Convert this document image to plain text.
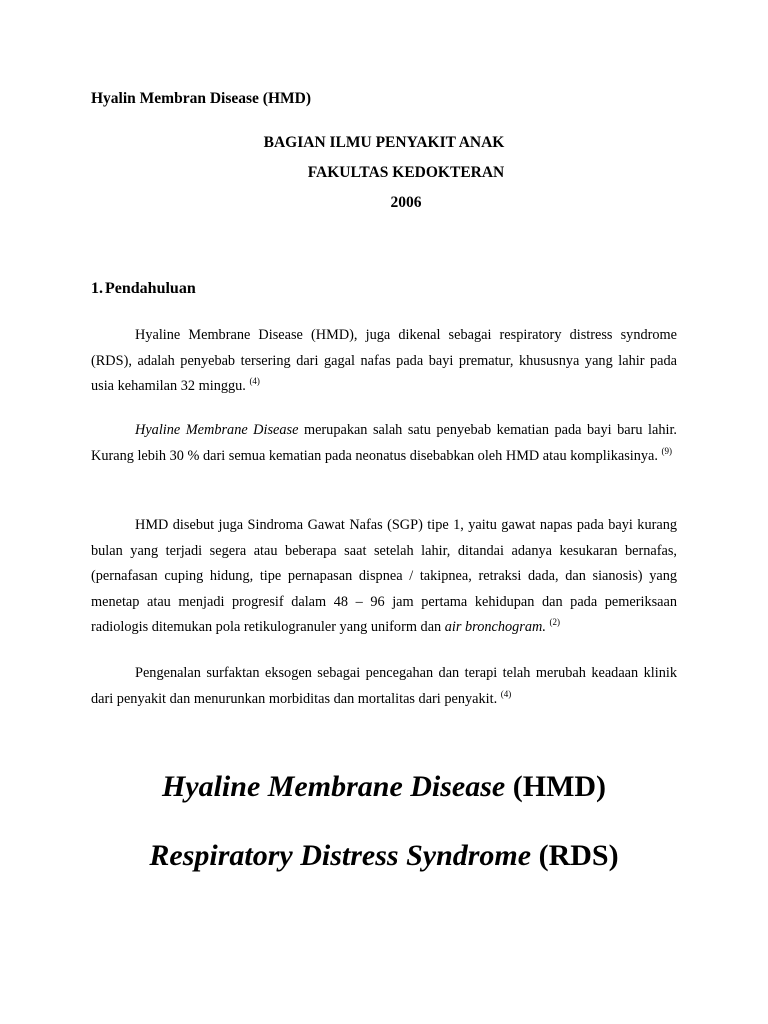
Hyalin Membran Disease (HMD)

BAGIAN ILMU PENYAKIT ANAK
FAKULTAS KEDOKTERAN
2006
1. Pendahuluan

Hyaline Membrane Disease (HMD), juga dikenal sebagai respiratory distress syndrome (RDS), adalah penyebab tersering dari gagal nafas pada bayi prematur, khususnya yang lahir pada usia kehamilan 32 minggu. $^{(4)}$

Hyaline Membrane Disease merupakan salah satu penyebab kematian pada bayi baru lahir. Kurang lebih 30 % dari semua kematian pada neonatus disebabkan oleh HMD atau komplikasinya. $^{(9)}$

HMD disebut juga Sindroma Gawat Nafas (SGP) tipe 1, yaitu gawat napas pada bayi kurang bulan yang terjadi segera atau beberapa saat setelah lahir, ditandai adanya kesukaran bernafas, (pernafasan cuping hidung, tipe pernapasan dispnea / takipnea, retraksi dada, dan sianosis) yang menetap atau menjadi progresif dalam 48 – 96 jam pertama kehidupan dan pada pemeriksaan radiologis ditemukan pola retikulogranuler yang uniform dan air bronchogram. $^{(2)}$

Pengenalan surfaktan eksogen sebagai pencegahan dan terapi telah merubah keadaan klinik dari penyakit dan menurunkan morbiditas dan mortalitas dari penyakit. $^{(4)}$

Hyaline Membrane Disease (HMD)
Respiratory Distress Syndrome (RDS)
